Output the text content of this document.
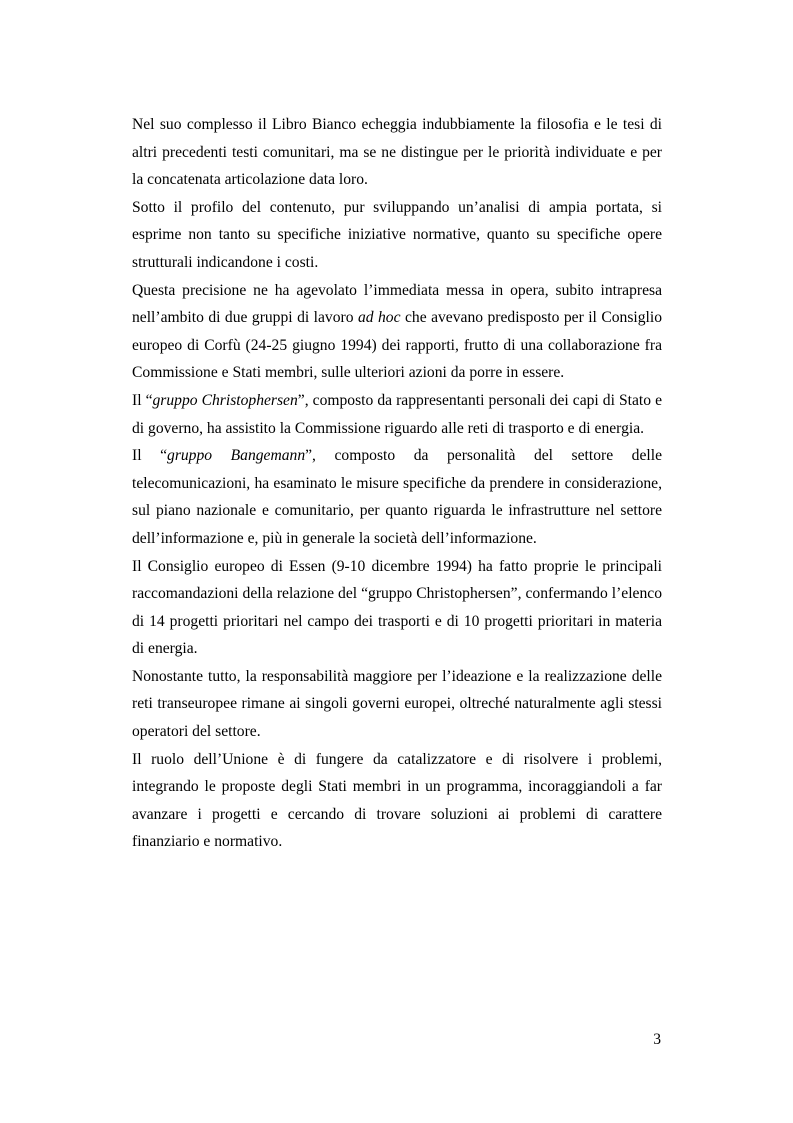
Nel suo complesso il Libro Bianco echeggia indubbiamente la filosofia e le tesi di altri precedenti testi comunitari, ma se ne distingue per le priorità individuate e per la concatenata articolazione data loro.

Sotto il profilo del contenuto, pur sviluppando un’analisi di ampia portata, si esprime non tanto su specifiche iniziative normative, quanto su specifiche opere strutturali indicandone i costi.

Questa precisione ne ha agevolato l’immediata messa in opera, subito intrapresa nell’ambito di due gruppi di lavoro ad hoc che avevano predisposto per il Consiglio europeo di Corfù (24-25 giugno 1994) dei rapporti, frutto di una collaborazione fra Commissione e Stati membri, sulle ulteriori azioni da porre in essere.

Il “gruppo Christophersen”, composto da rappresentanti personali dei capi di Stato e di governo, ha assistito la Commissione riguardo alle reti di trasporto e di energia.

Il “gruppo Bangemann”, composto da personalità del settore delle telecomunicazioni, ha esaminato le misure specifiche da prendere in considerazione, sul piano nazionale e comunitario, per quanto riguarda le infrastrutture nel settore dell’informazione e, più in generale la società dell’informazione.

Il Consiglio europeo di Essen (9-10 dicembre 1994) ha fatto proprie le principali raccomandazioni della relazione del “gruppo Christophersen”, confermando l’elenco di 14 progetti prioritari nel campo dei trasporti e di 10 progetti prioritari in materia di energia.

Nonostante tutto, la responsabilità maggiore per l’ideazione e la realizzazione delle reti transeuropee rimane ai singoli governi europei, oltreché naturalmente agli stessi operatori del settore.

Il ruolo dell’Unione è di fungere da catalizzatore e di risolvere i problemi, integrando le proposte degli Stati membri in un programma, incoraggiandoli a far avanzare i progetti e cercando di trovare soluzioni ai problemi di carattere finanziario e normativo.

3
